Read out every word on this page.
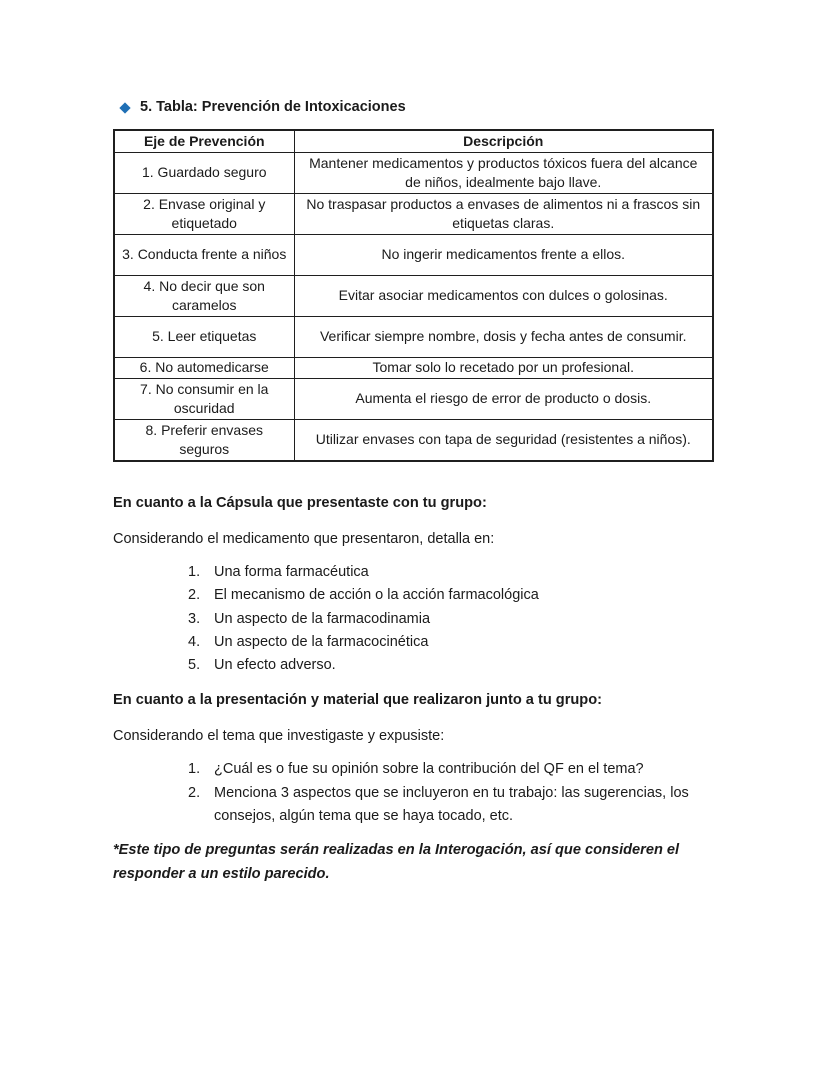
5. Tabla: Prevención de Intoxicaciones
Eje de Prevención	Descripción
1. Guardado seguro	Mantener medicamentos y productos tóxicos fuera del alcance de niños, idealmente bajo llave.
2. Envase original y etiquetado	No traspasar productos a envases de alimentos ni a frascos sin etiquetas claras.
3. Conducta frente a niños	No ingerir medicamentos frente a ellos.
4. No decir que son caramelos	Evitar asociar medicamentos con dulces o golosinas.
5. Leer etiquetas	Verificar siempre nombre, dosis y fecha antes de consumir.
6. No automedicarse	Tomar solo lo recetado por un profesional.
7. No consumir en la oscuridad	Aumenta el riesgo de error de producto o dosis.
8. Preferir envases seguros	Utilizar envases con tapa de seguridad (resistentes a niños).
En cuanto a la Cápsula que presentaste con tu grupo:
Considerando el medicamento que presentaron, detalla en:
1. Una forma farmacéutica
2. El mecanismo de acción o la acción farmacológica
3. Un aspecto de la farmacodinamia
4. Un aspecto de la farmacocinética
5. Un efecto adverso.
En cuanto a la presentación y material que realizaron junto a tu grupo:
Considerando el tema que investigaste y expusiste:
1. ¿Cuál es o fue su opinión sobre la contribución del QF en el tema?
2. Menciona 3 aspectos que se incluyeron en tu trabajo: las sugerencias, los consejos, algún tema que se haya tocado, etc.
*Este tipo de preguntas serán realizadas en la Interogación, así que consideren el responder a un estilo parecido.
